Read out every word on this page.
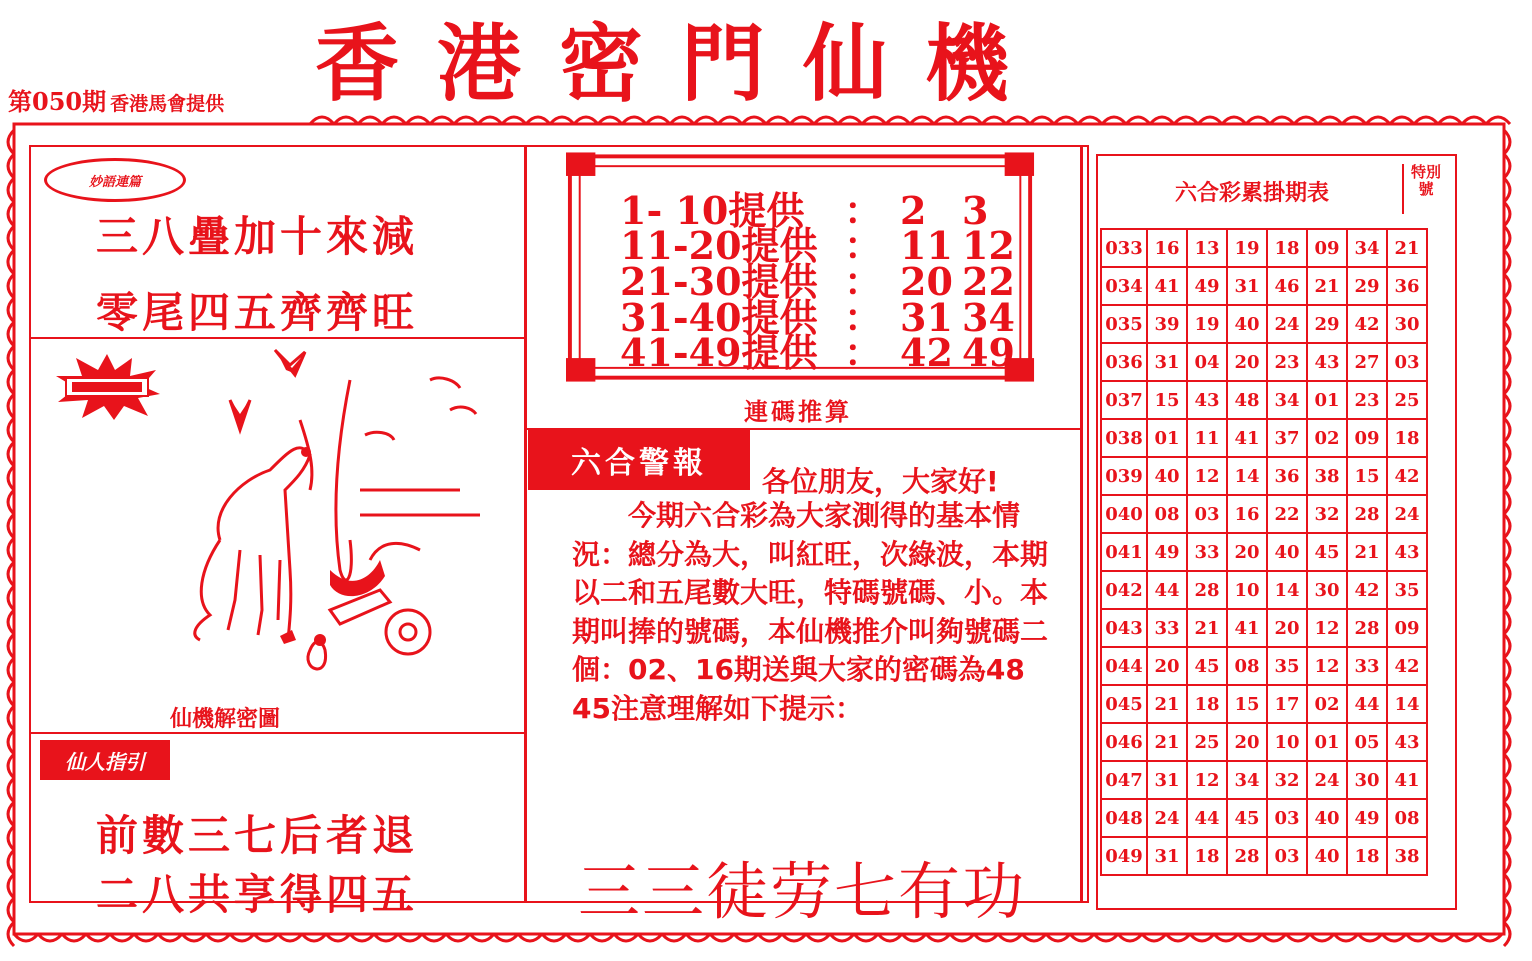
第050期 香港馬會提供 香港密門仙機
妙語連篇
三八疊加十來減
零尾四五齊齊旺
仙機解密圖
仙人指引
前數三七后者退
二八共享得四五
1- 10提供 ： 2 3
11-20提供 ： 11 12
21-30提供 ： 20 22
31-40提供 ： 31 34
41-49提供 ： 42 49
連碼推算
六合警報
各位朋友，大家好!
今期六合彩為大家測得的基本情況：總分為大，叫紅旺，次綠波，本期以二和五尾數大旺，特碼號碼、小。本期叫捧的號碼，本仙機推介叫夠號碼二個：02、16期送與大家的密碼為48 45注意理解如下提示：
三三徒劳七有功
六合彩累掛期表
特別號
033	16	13	19	18	09	34	21
034	41	49	31	46	21	29	36
035	39	19	40	24	29	42	30
036	31	04	20	23	43	27	03
037	15	43	48	34	01	23	25
038	01	11	41	37	02	09	18
039	40	12	14	36	38	15	42
040	08	03	16	22	32	28	24
041	49	33	20	40	45	21	43
042	44	28	10	14	30	42	35
043	33	21	41	20	12	28	09
044	20	45	08	35	12	33	42
045	21	18	15	17	02	44	14
046	21	25	20	10	01	05	43
047	31	12	34	32	24	30	41
048	24	44	45	03	40	49	08
049	31	18	28	03	40	18	38
